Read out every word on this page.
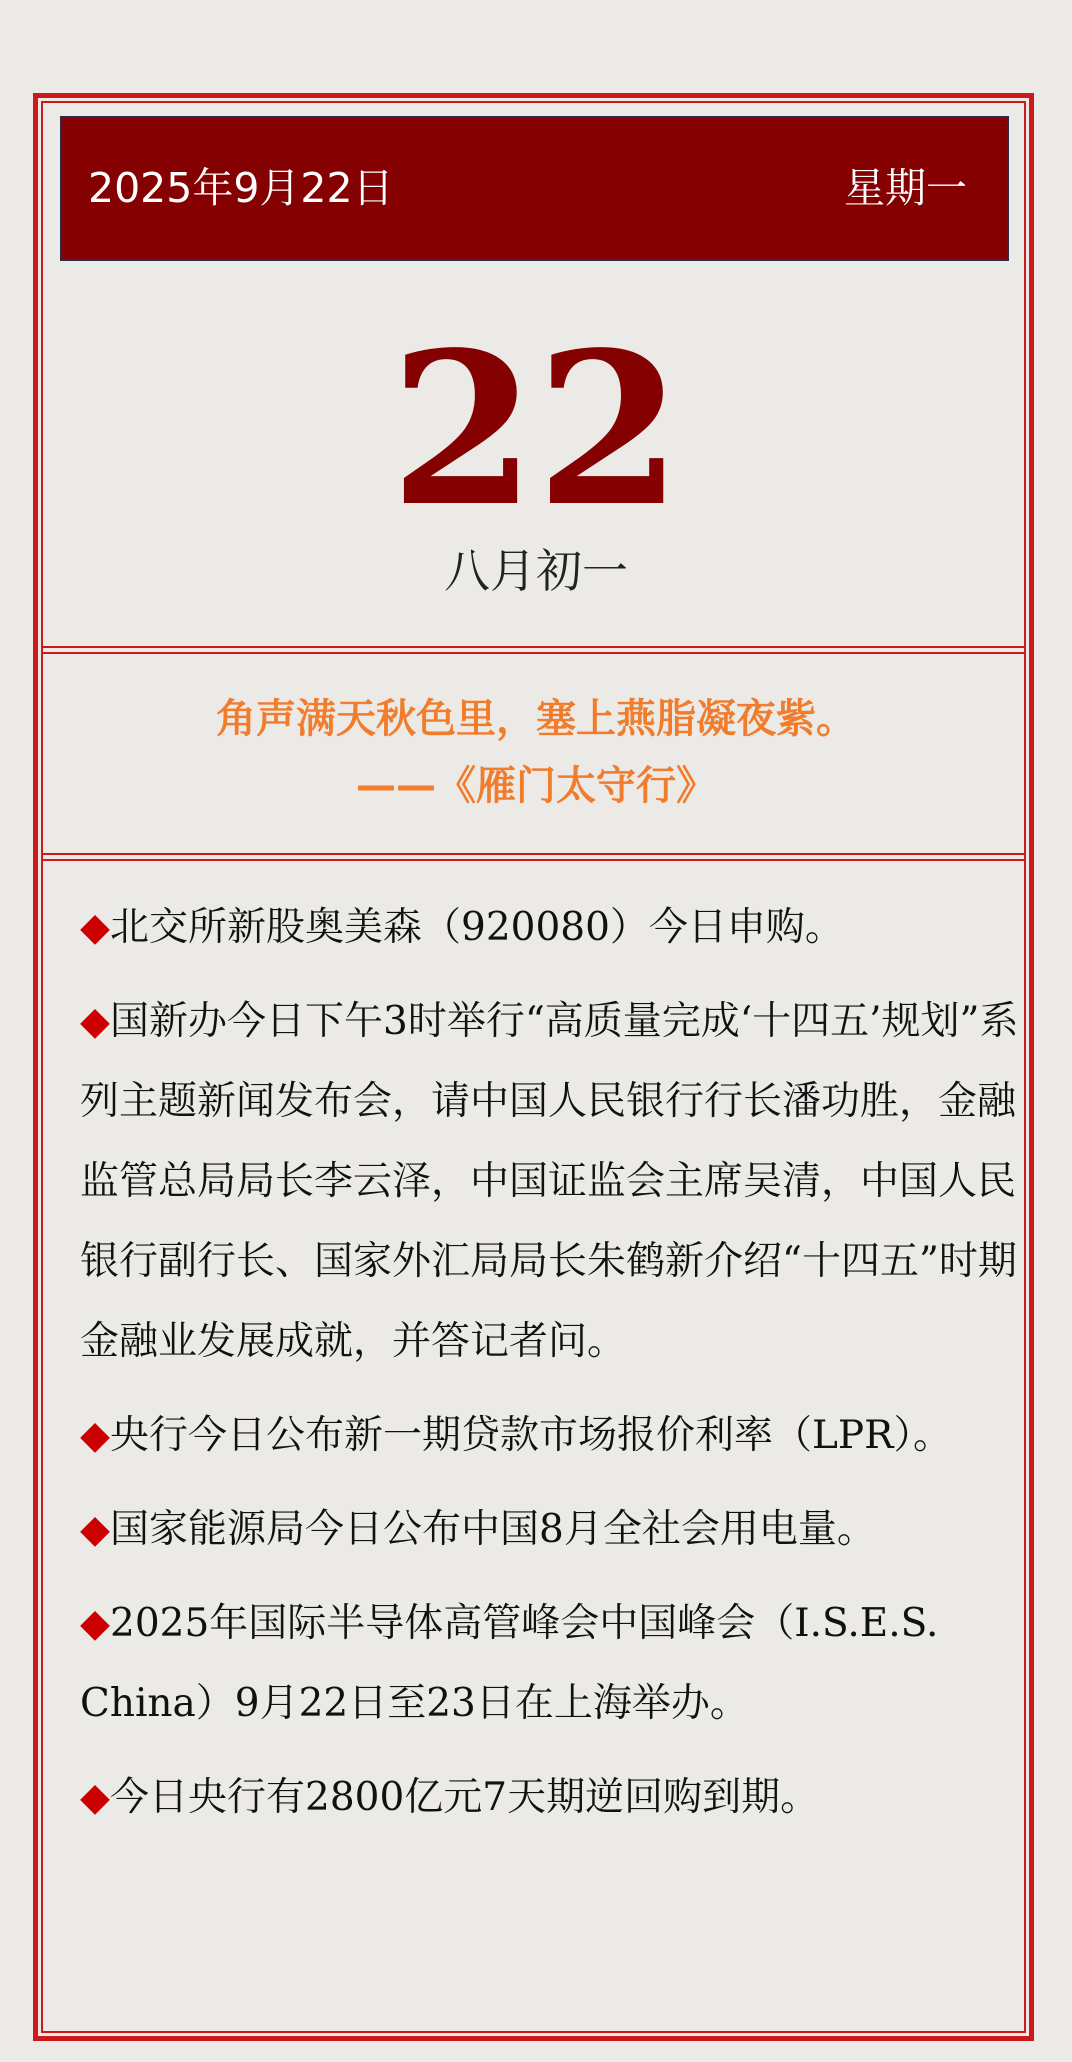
2025年9月22日	星期一
22
八月初一
角声满天秋色里，塞上燕脂凝夜紫。
——《雁门太守行》
◆北交所新股奥美森（920080）今日申购。
◆国新办今日下午3时举行“高质量完成‘十四五’规划”系列主题新闻发布会，请中国人民银行行长潘功胜，金融监管总局局长李云泽，中国证监会主席吴清，中国人民银行副行长、国家外汇局局长朱鹤新介绍“十四五”时期金融业发展成就，并答记者问。
◆央行今日公布新一期贷款市场报价利率（LPR）。
◆国家能源局今日公布中国8月全社会用电量。
◆2025年国际半导体高管峰会中国峰会（I.S.E.S. China）9月22日至23日在上海举办。
◆今日央行有2800亿元7天期逆回购到期。
